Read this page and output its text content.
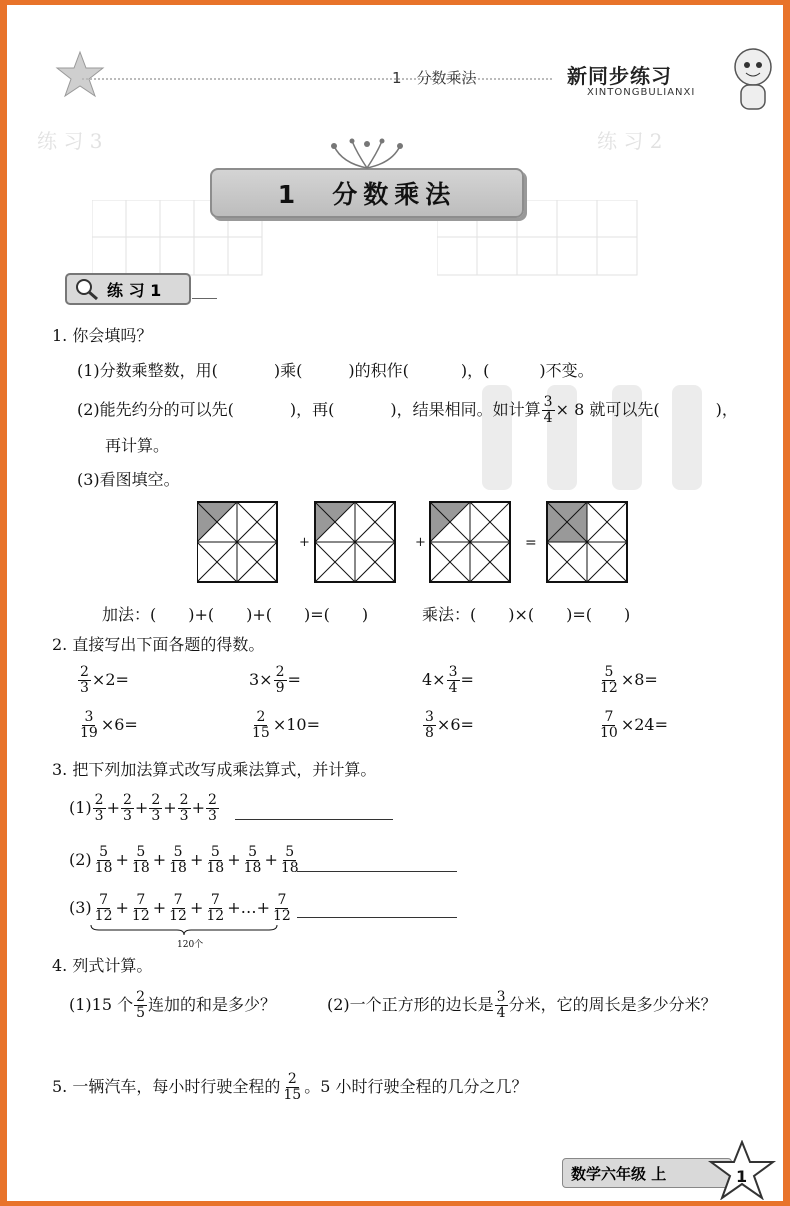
练 习 3	练 习 2
1　分数乘法	新同步练习
XINTONGBULIANXI
1　分数乘法
练 习 1
1. 你会填吗？
(1)分数乘整数，用(	)乘(	)的积作(	)，(	)不变。
(2)能先约分的可以先(	)，再(	)，结果相同。如计算 $\frac{3}{4} \times 8$ 就可以先(	)，
再计算。
(3)看图填空。
+	+	=
加法：(　　)+(　　)+(　　)=(　　)	乘法：(　　)×(　　)=(　　)
2. 直接写出下面各题的得数。
$\frac{2}{3} \times 2=$	$3\times \frac{2}{9}$ =	$4\times \frac{3}{4}$ =	$\frac{5}{12} \times 8=$
$\frac{3}{19} \times 6=$	$\frac{2}{15} \times 10=$	$\frac{3}{8} \times 6=$	$\frac{7}{10} \times 24=$
3. 把下列加法算式改写成乘法算式，并计算。
$(1) \frac{2}{3} + \frac{2}{3} + \frac{2}{3} + \frac{2}{3} + \frac{2}{3}$
$(2) \frac{5}{18} + \frac{5}{18} + \frac{5}{18} + \frac{5}{18} + \frac{5}{18} + \frac{5}{18}$
$(3) \frac{7}{12} + \frac{7}{12} + \frac{7}{12} + \frac{7}{12}$ +…+ $\frac{7}{12}$
120个
4. 列式计算。
(1)15 个 $\frac{2}{5}$ 连加的和是多少？	(2)一个正方形的边长是 $\frac{3}{4}$ 分米，它的周长是多少分米？
5. 一辆汽车，每小时行驶全程的 $\frac{2}{15}$ 。5 小时行驶全程的几分之几？
数学六年级 上	1
